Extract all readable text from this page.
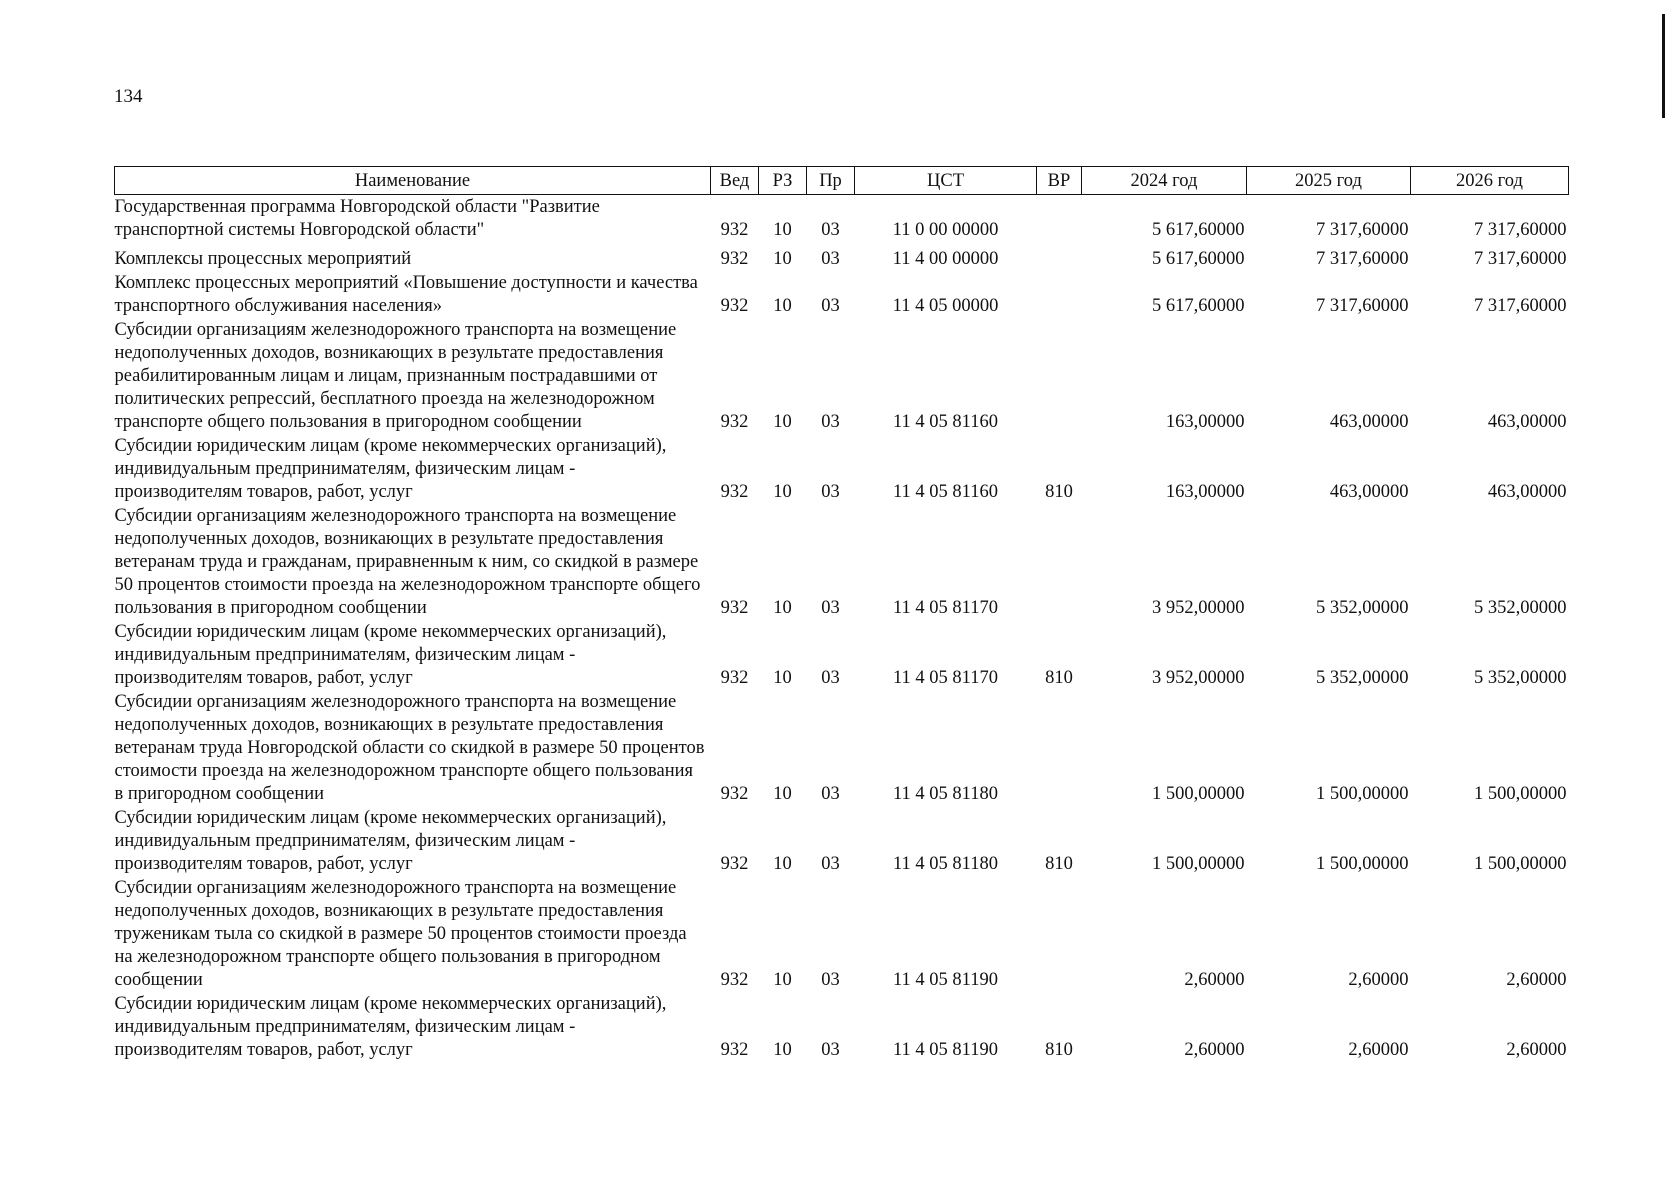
134
Наименование	Вед	РЗ	Пр	ЦСТ	ВР	2024 год	2025 год	2026 год
Государственная программа Новгородской области "Развитие транспортной системы Новгородской области"	932	10	03	11 0 00 00000		5 617,60000	7 317,60000	7 317,60000
Комплексы процессных мероприятий	932	10	03	11 4 00 00000		5 617,60000	7 317,60000	7 317,60000
Комплекс процессных мероприятий «Повышение доступности и качества транспортного обслуживания населения»	932	10	03	11 4 05 00000		5 617,60000	7 317,60000	7 317,60000
Субсидии организациям железнодорожного транспорта на возмещение недополученных доходов, возникающих в результате предоставления реабилитированным лицам и лицам, признанным пострадавшими от политических репрессий, бесплатного проезда на железнодорожном транспорте общего пользования в пригородном сообщении	932	10	03	11 4 05 81160		163,00000	463,00000	463,00000
Субсидии юридическим лицам (кроме некоммерческих организаций), индивидуальным предпринимателям, физическим лицам - производителям товаров, работ, услуг	932	10	03	11 4 05 81160	810	163,00000	463,00000	463,00000
Субсидии организациям железнодорожного транспорта на возмещение недополученных доходов, возникающих в результате предоставления ветеранам труда и гражданам, приравненным к ним, со скидкой в размере 50 процентов стоимости проезда на железнодорожном транспорте общего пользования в пригородном сообщении	932	10	03	11 4 05 81170		3 952,00000	5 352,00000	5 352,00000
Субсидии юридическим лицам (кроме некоммерческих организаций), индивидуальным предпринимателям, физическим лицам - производителям товаров, работ, услуг	932	10	03	11 4 05 81170	810	3 952,00000	5 352,00000	5 352,00000
Субсидии организациям железнодорожного транспорта на возмещение недополученных доходов, возникающих в результате предоставления ветеранам труда Новгородской области со скидкой в размере 50 процентов стоимости проезда на железнодорожном транспорте общего пользования в пригородном сообщении	932	10	03	11 4 05 81180		1 500,00000	1 500,00000	1 500,00000
Субсидии юридическим лицам (кроме некоммерческих организаций), индивидуальным предпринимателям, физическим лицам - производителям товаров, работ, услуг	932	10	03	11 4 05 81180	810	1 500,00000	1 500,00000	1 500,00000
Субсидии организациям железнодорожного транспорта на возмещение недополученных доходов, возникающих в результате предоставления труженикам тыла со скидкой в размере 50 процентов стоимости проезда на железнодорожном транспорте общего пользования в пригородном сообщении	932	10	03	11 4 05 81190		2,60000	2,60000	2,60000
Субсидии юридическим лицам (кроме некоммерческих организаций), индивидуальным предпринимателям, физическим лицам - производителям товаров, работ, услуг	932	10	03	11 4 05 81190	810	2,60000	2,60000	2,60000
